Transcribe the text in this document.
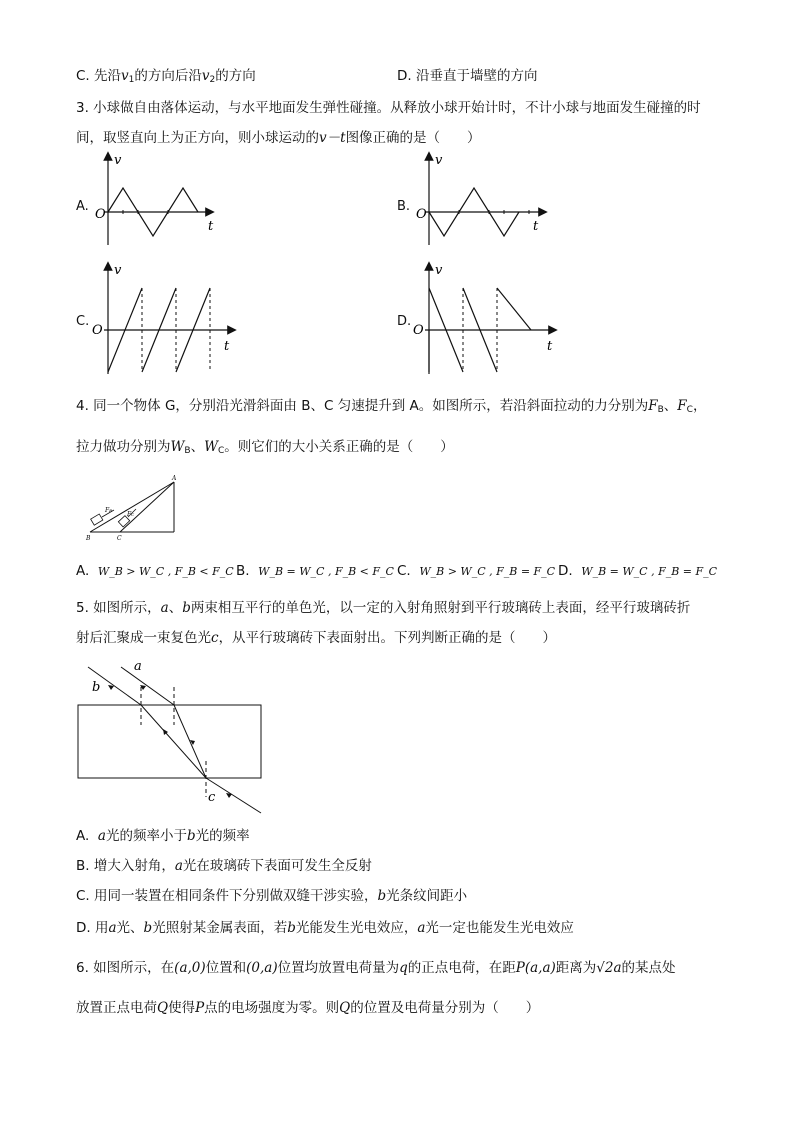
C. 先沿$v_1$的方向后沿$v_2$的方向	D. 沿垂直于墙壁的方向
3. 小球做自由落体运动，与水平地面发生弹性碰撞。从释放小球开始计时，不计小球与地面发生碰撞的时
间，取竖直向上为正方向，则小球运动的v－t图像正确的是（　　）
A.	B.
C.	D.
v
O
t
v
O
t
v
O
t
v
O
t
4. 同一个物体 G，分别沿光滑斜面由 B、C 匀速提升到 A。如图所示，若沿斜面拉动的力分别为$F_B$、$F_C$，
拉力做功分别为$W_B$、$W_C$。则它们的大小关系正确的是（　　）
A
B	C
FB
FC
A. W_B > W_C , F_B < F_C B. W_B = W_C , F_B < F_C C. W_B > W_C , F_B = F_C D. W_B = W_C , F_B = F_C
5. 如图所示，a、b两束相互平行的单色光，以一定的入射角照射到平行玻璃砖上表面，经平行玻璃砖折
射后汇聚成一束复色光c，从平行玻璃砖下表面射出。下列判断正确的是（　　）
a
b
c
A. a光的频率小于b光的频率
B. 增大入射角，a光在玻璃砖下表面可发生全反射
C. 用同一装置在相同条件下分别做双缝干涉实验，b光条纹间距小
D. 用a光、b光照射某金属表面，若b光能发生光电效应，a光一定也能发生光电效应
6. 如图所示，在(a,0)位置和(0,a)位置均放置电荷量为q的正点电荷，在距P(a,a)距离为√2a的某点处
放置正点电荷Q使得P点的电场强度为零。则Q的位置及电荷量分别为（　　）
